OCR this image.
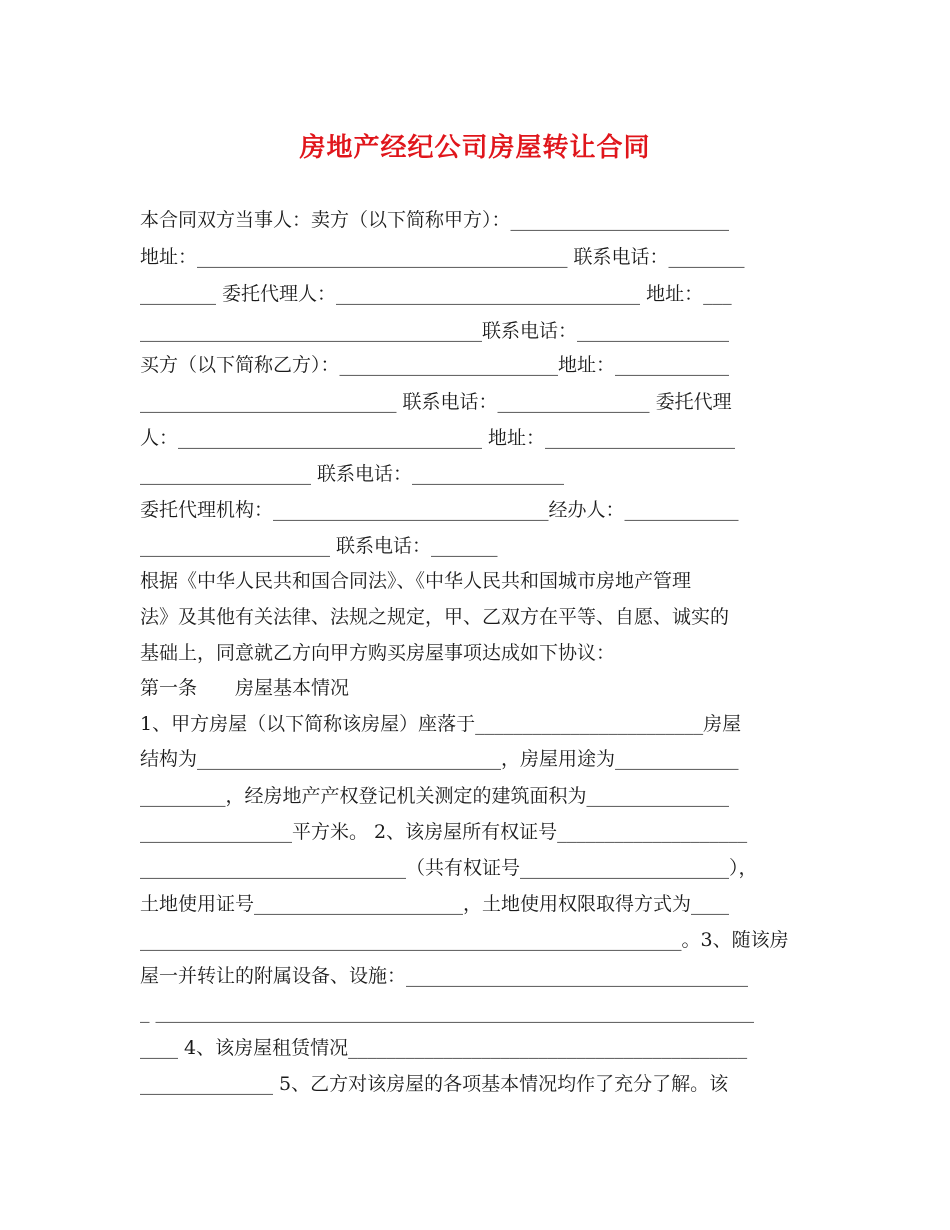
房地产经纪公司房屋转让合同
本合同双方当事人：卖方（以下简称甲方）：_______________________
地址：_______________________________________ 联系电话：________
________ 委托代理人：________________________________ 地址：___
____________________________________联系电话：________________
买方（以下简称乙方）：_______________________地址：____________
___________________________ 联系电话：________________ 委托代理
人：________________________________ 地址：____________________
__________________ 联系电话：________________
委托代理机构：_____________________________经办人：____________
____________________ 联系电话：_______
根据《中华人民共和国合同法》、《中华人民共和国城市房地产管理
法》及其他有关法律、法规之规定，甲、乙双方在平等、自愿、诚实的
基础上，同意就乙方向甲方购买房屋事项达成如下协议：
第一条　　房屋基本情况
1、甲方房屋（以下简称该房屋）座落于________________________房屋
结构为________________________________，房屋用途为_____________
_________，经房地产产权登记机关测定的建筑面积为_______________
________________平方米。 2、该房屋所有权证号____________________
____________________________（共有权证号______________________），
土地使用证号______________________，土地使用权限取得方式为____
_________________________________________________________。3、随该房
屋一并转让的附属设备、设施：____________________________________
_ _______________________________________________________________
____ 4、该房屋租赁情况__________________________________________
______________ 5、乙方对该房屋的各项基本情况均作了充分了解。该
